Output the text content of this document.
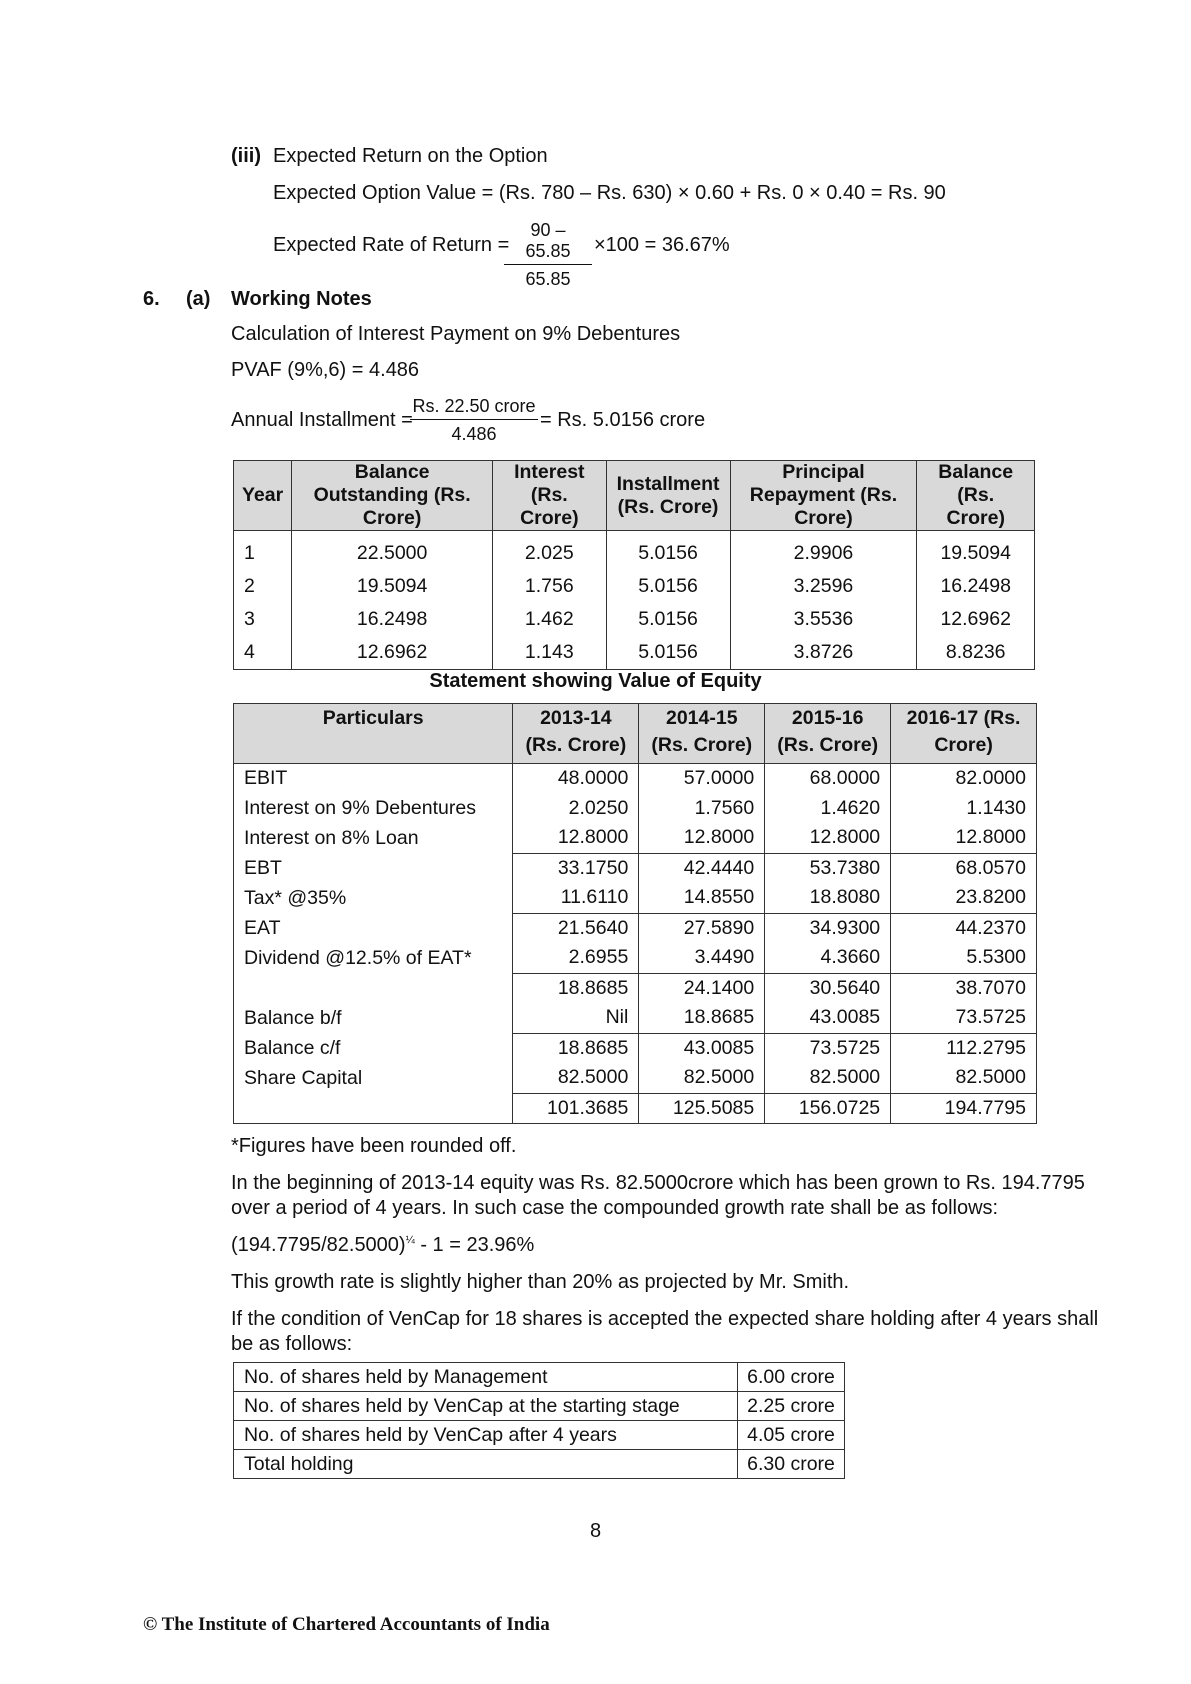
(iii) Expected Return on the Option
Expected Option Value = (Rs. 780 – Rs. 630) × 0.60 + Rs. 0 × 0.40 = Rs. 90
Expected Rate of Return =
$\frac{90 - 65.85}{65.85} \times 100 = 36.67\%$
6. (a) Working Notes
Calculation of Interest Payment on 9% Debentures
PVAF (9%,6) = 4.486
Annual Installment =
Rs. 22.50 crore
4.486
= Rs. 5.0156 crore
Year	Balance Outstanding (Rs. Crore)	Interest (Rs. Crore)	Installment (Rs. Crore)	Principal Repayment (Rs. Crore)	Balance (Rs. Crore)
1	22.5000	2.025	5.0156	2.9906	19.5094
2	19.5094	1.756	5.0156	3.2596	16.2498
3	16.2498	1.462	5.0156	3.5536	12.6962
4	12.6962	1.143	5.0156	3.8726	8.8236
Statement showing Value of Equity
Particulars	2013-14 (Rs. Crore)	2014-15 (Rs. Crore)	2015-16 (Rs. Crore)	2016-17 (Rs. Crore)
EBIT	48.0000	57.0000	68.0000	82.0000
Interest on 9% Debentures	2.0250	1.7560	1.4620	1.1430
Interest on 8% Loan	12.8000	12.8000	12.8000	12.8000
EBT	33.1750	42.4440	53.7380	68.0570
Tax* @35%	11.6110	14.8550	18.8080	23.8200
EAT	21.5640	27.5890	34.9300	44.2370
Dividend @12.5% of EAT*	2.6955	3.4490	4.3660	5.5300
	18.8685	24.1400	30.5640	38.7070
Balance b/f	Nil	18.8685	43.0085	73.5725
Balance c/f	18.8685	43.0085	73.5725	112.2795
Share Capital	82.5000	82.5000	82.5000	82.5000
	101.3685	125.5085	156.0725	194.7795
*Figures have been rounded off.
In the beginning of 2013-14 equity was Rs. 82.5000crore which has been grown to Rs. 194.7795
over a period of 4 years. In such case the compounded growth rate shall be as follows:
$(194.7795/82.5000)^{\frac{1}{4}} - 1 = 23.96\%$
This growth rate is slightly higher than 20% as projected by Mr. Smith.
If the condition of VenCap for 18 shares is accepted the expected share holding after 4 years shall
be as follows:
No. of shares held by Management	6.00 crore
No. of shares held by VenCap at the starting stage	2.25 crore
No. of shares held by VenCap after 4 years	4.05 crore
Total holding	6.30 crore
8
© The Institute of Chartered Accountants of India
